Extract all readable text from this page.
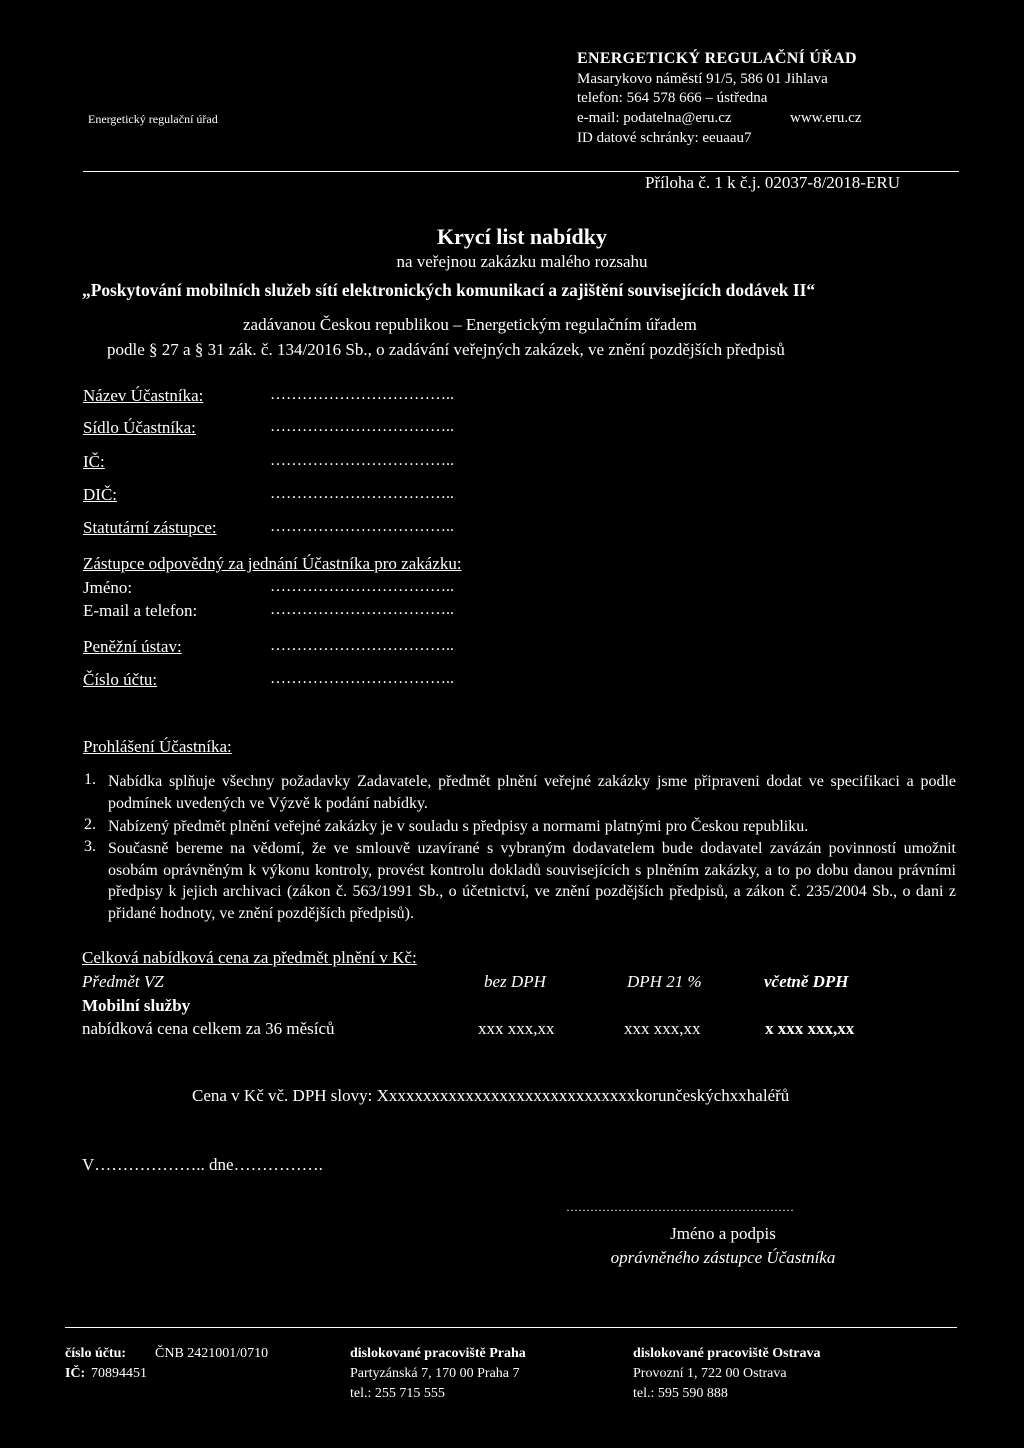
Energetický regulační úřad
ENERGETICKÝ REGULAČNÍ ÚŘAD
Masarykovo náměstí 91/5, 586 01 Jihlava
telefon: 564 578 666 – ústředna
e-mail: podatelna@eru.cz	www.eru.cz
ID datové schránky: eeuaau7
Příloha č. 1 k č.j. 02037-8/2018-ERU
Krycí list nabídky
na veřejnou zakázku malého rozsahu
„Poskytování mobilních služeb sítí elektronických komunikací a zajištění souvisejících dodávek II“
zadávanou Českou republikou – Energetickým regulačním úřadem
podle § 27 a § 31 zák. č. 134/2016 Sb., o zadávání veřejných zakázek, ve znění pozdějších předpisů
Název Účastníka:	……………………………..
Sídlo Účastníka:	……………………………..
IČ:	……………………………..
DIČ:	……………………………..
Statutární zástupce:	……………………………..
Zástupce odpovědný za jednání Účastníka pro zakázku:
Jméno:	……………………………..
E-mail a telefon:	……………………………..
Peněžní ústav:	……………………………..
Číslo účtu:	……………………………..
Prohlášení Účastníka:
1. Nabídka splňuje všechny požadavky Zadavatele, předmět plnění veřejné zakázky jsme připraveni dodat ve specifikaci a podle podmínek uvedených ve Výzvě k podání nabídky.
2. Nabízený předmět plnění veřejné zakázky je v souladu s předpisy a normami platnými pro Českou republiku.
3. Současně bereme na vědomí, že ve smlouvě uzavírané s vybraným dodavatelem bude dodavatel zavázán povinností umožnit osobám oprávněným k výkonu kontroly, provést kontrolu dokladů souvisejících s plněním zakázky, a to po dobu danou právními předpisy k jejich archivaci (zákon č. 563/1991 Sb., o účetnictví, ve znění pozdějších předpisů, a zákon č. 235/2004 Sb., o dani z přidané hodnoty, ve znění pozdějších předpisů).
Celková nabídková cena za předmět plnění v Kč:
Předmět VZ	bez DPH	DPH 21 %	včetně DPH
Mobilní služby
nabídková cena celkem za 36 měsíců	xxx xxx,xx	xxx xxx,xx	x xxx xxx,xx
Cena v Kč vč. DPH slovy: Xxxxxxxxxxxxxxxxxxxxxxxxxxxxxxkorunčeskýchxxhaléřů
V……………….. dne…………….
…………………………………………………
Jméno a podpis
oprávněného zástupce Účastníka
číslo účtu: ČNB 2421001/0710
IČ: 70894451
dislokované pracoviště Praha
Partyzánská 7, 170 00 Praha 7
tel.: 255 715 555
dislokované pracoviště Ostrava
Provozní 1, 722 00 Ostrava
tel.: 595 590 888
